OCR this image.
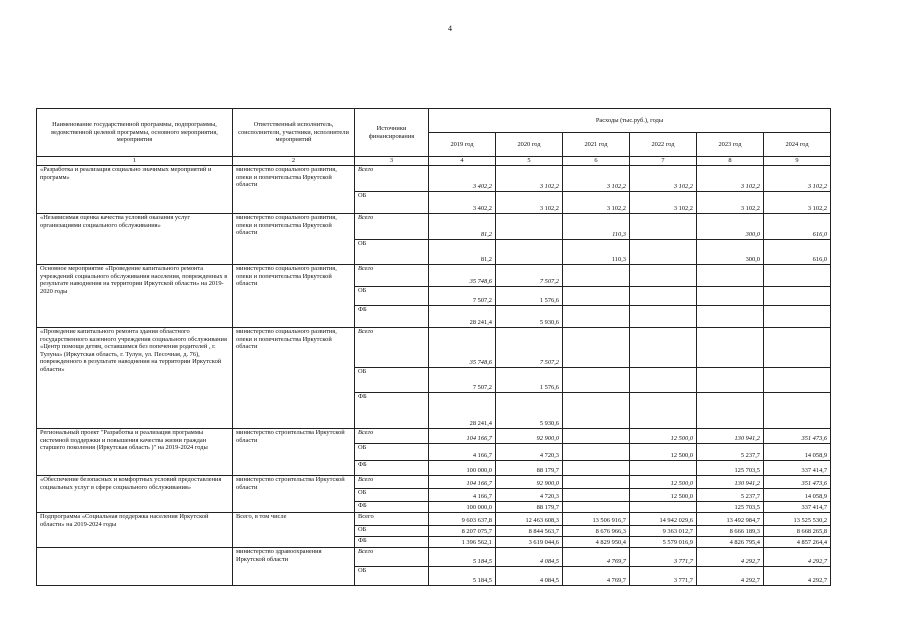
4
Наименование государственной программы, подпрограммы, ведомственной целевой программы, основного мероприятия, мероприятия	Ответственный исполнитель, соисполнители, участники, исполнители мероприятий	Источники финансирования	Расходы (тыс.руб.), годы					
			2019 год	2020 год	2021 год	2022 год	2023 год	2024 год
1	2	3	4	5	6	7	8	9
«Разработка и реализация социально значимых мероприятий и программ»	министерство социального развития, опеки и попечительства Иркутской области	Всего	3 402,2	3 102,2	3 102,2	3 102,2	3 102,2	3 102,2
		ОБ	3 402,2	3 102,2	3 102,2	3 102,2	3 102,2	3 102,2
«Независимая оценка качества условий оказания услуг организациями социального обслуживания»	министерство социального развития, опеки и попечительства Иркутской области	Всего	81,2		110,3		300,0	616,0
		ОБ	81,2		110,3		300,0	616,0
Основное мероприятие «Проведение капитального ремонта учреждений социального обслуживания населения, поврежденных в результате наводнения на территории Иркутской области» на 2019-2020 годы	министерство социального развития, опеки и попечительства Иркутской области	Всего	35 748,6	7 507,2				
		ОБ	7 507,2	1 576,6				
		ФБ	28 241,4	5 930,6				
«Проведение капитального ремонта здания областного государственного казенного учреждения социального обслуживания «Центр помощи детям, оставшимся без попечения родителей , г. Тулуна» (Иркутская область, г. Тулун, ул. Песочная, д. 76), поврежденного в результате наводнения на территории Иркутской области»	министерство социального развития, опеки и попечительства Иркутской области	Всего	35 748,6	7 507,2				
		ОБ	7 507,2	1 576,6				
		ФБ	28 241,4	5 930,6				
Региональный проект "Разработка и реализация программы системной поддержки и повышения качества жизни граждан старшего поколения (Иркутская область )" на 2019-2024 годы	министерство строительства Иркутской области	Всего	104 166,7	92 900,0		12 500,0	130 941,2	351 473,6
		ОБ	4 166,7	4 720,3		12 500,0	5 237,7	14 058,9
		ФБ	100 000,0	88 179,7			125 703,5	337 414,7
«Обеспечение безопасных и комфортных условий предоставления социальных услуг в сфере социального обслуживания»	министерство строительства Иркутской области	Всего	104 166,7	92 900,0		12 500,0	130 941,2	351 473,6
		ОБ	4 166,7	4 720,3		12 500,0	5 237,7	14 058,9
		ФБ	100 000,0	88 179,7			125 703,5	337 414,7
Подпрограмма «Социальная поддержка населения Иркутской области» на 2019-2024 годы	Всего, в том числе	Всего	9 603 637,8	12 463 608,3	13 506 916,7	14 942 029,6	13 492 984,7	13 525 530,2
		ОБ	8 207 075,7	8 844 563,7	8 676 966,3	9 363 012,7	8 666 189,3	8 668 265,8
		ФБ	1 396 562,1	3 619 044,6	4 829 950,4	5 579 016,9	4 826 795,4	4 857 264,4
	министерство здравоохранения Иркутской области	Всего	5 184,5	4 084,5	4 769,7	3 771,7	4 292,7	4 292,7
		ОБ	5 184,5	4 084,5	4 769,7	3 771,7	4 292,7	4 292,7
